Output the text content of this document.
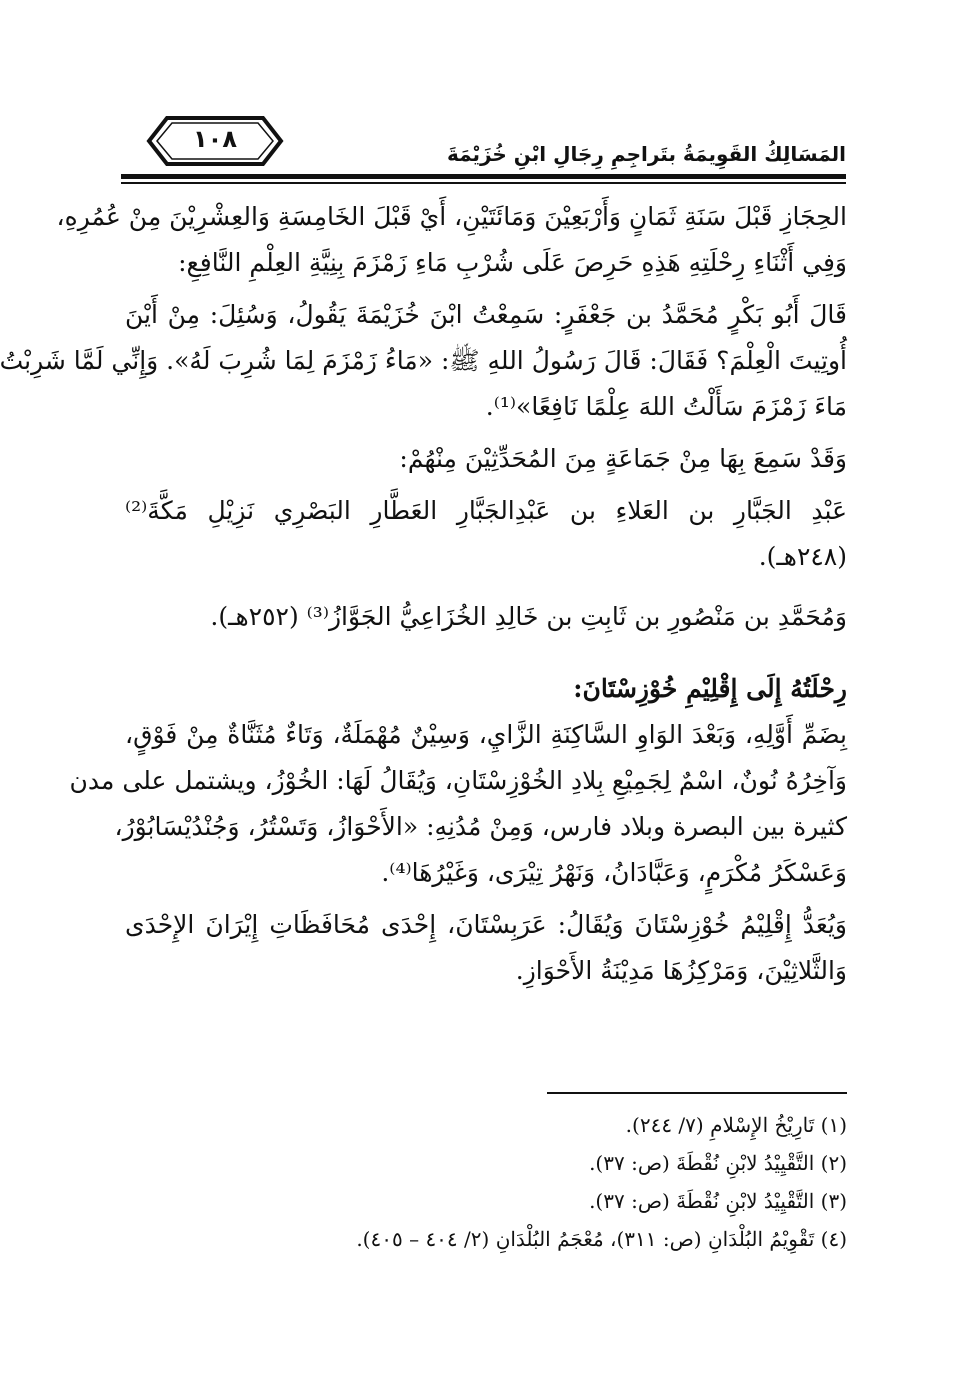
المَسَالِكُ القَوِيمَةُ بتَراجِمِ رِجَالِ ابْنِ خُزَيْمَةَ
١٠٨
الحِجَازِ قَبْلَ سَنَةِ ثَمَانٍ وَأَرْبَعِيْنَ وَمَائَتَيْنِ، أَيْ قَبْلَ الخَامِسَةِ وَالعِشْرِيْنَ مِنْ عُمُرِهِ،
وَفِي أَثْنَاءِ رِحْلَتِهِ هَذِهِ حَرِصَ عَلَى شُرْبِ مَاءِ زَمْزَمَ بِنِيَّةِ العِلْمِ النَّافِعِ:
قَالَ أَبُو بَكْرٍ مُحَمَّدُ بن جَعْفَرٍ: سَمِعْتُ ابْنَ خُزَيْمَةَ يَقُولُ، وَسُئِلَ: مِنْ أَيْنَ
أُوتِيتَ الْعِلْمَ؟ فَقَالَ: قَالَ رَسُولُ اللهِ ﷺ: «مَاءُ زَمْزَمَ لِمَا شُرِبَ لَهُ». وَإِنِّي لَمَّا شَرِبْتُ
مَاءَ زَمْزَمَ سَأَلْتُ اللهَ عِلْمًا نَافِعًا»⁽¹⁾.
وَقَدْ سَمِعَ بِهَا مِنْ جَمَاعَةٍ مِنَ المُحَدِّثِيْنَ مِنْهُمْ:
عَبْدِ الجَبَّارِ بن العَلاءِ بن عَبْدِالجَبَّارِ العَطَّارِ البَصْرِي نَزِيْلِ مَكَّةَ⁽²⁾
(٢٤٨هـ).
وَمُحَمَّدِ بن مَنْصُورِ بن ثَابِتِ بن خَالِدِ الخُزَاعِيُّ الجَوَّازُ⁽³⁾ (٢٥٢هـ).
رِحْلَتُهُ إِلَى إِقْلِيْمِ خُوْزِسْتَانَ:
بِضَمِّ أَوَّلِهِ، وَبَعْدَ الوَاوِ السَّاكِنَةِ الزَّايِ، وَسِيْنٌ مُهْمَلَةٌ، وَتَاءٌ مُثَنَّاةٌ مِنْ فَوْقٍ،
وَآخِرُهُ نُونٌ، اسْمٌ لِجَمِيْعِ بِلادِ الخُوْزِسْتَانِ، وَيُقَالُ لَهَا: الخُوْزُ، ويشتمل على مدن
كثيرة بين البصرة وبلاد فارس، وَمِنْ مُدُنِهِ: «الأَحْوَازُ، وَتَسْتُرُ، وَجُنْدُيْسَابُوْرُ،
وَعَسْكَرُ مُكْرَمٍ، وَعَبَّادَانُ، وَنَهْرُ تِيْرَى، وَغَيْرُهَا⁽⁴⁾.
وَيُعَدُّ إِقْلِيْمُ خُوْزِسْتَانَ وَيُقَالُ: عَرَبِسْتَانَ، إِحْدَى مُحَافَظَاتِ إِيْرَانَ الإِحْدَى
وَالثَّلاثِيْنَ، وَمَرْكِزُهَا مَدِيْنَةُ الأَحْوَازِ.
(١) تَارِيْخُ الإِسْلامِ (٧/ ٢٤٤).
(٢) التَّقْيِيْدُ لابْنِ نُقْطَةَ (ص: ٣٧).
(٣) التَّقْيِيْدُ لابْنِ نُقْطَةَ (ص: ٣٧).
(٤) تَقْوِيْمُ البُلْدَانِ (ص: ٣١١)، مُعْجَمُ البُلْدَانِ (٢/ ٤٠٤ – ٤٠٥).
